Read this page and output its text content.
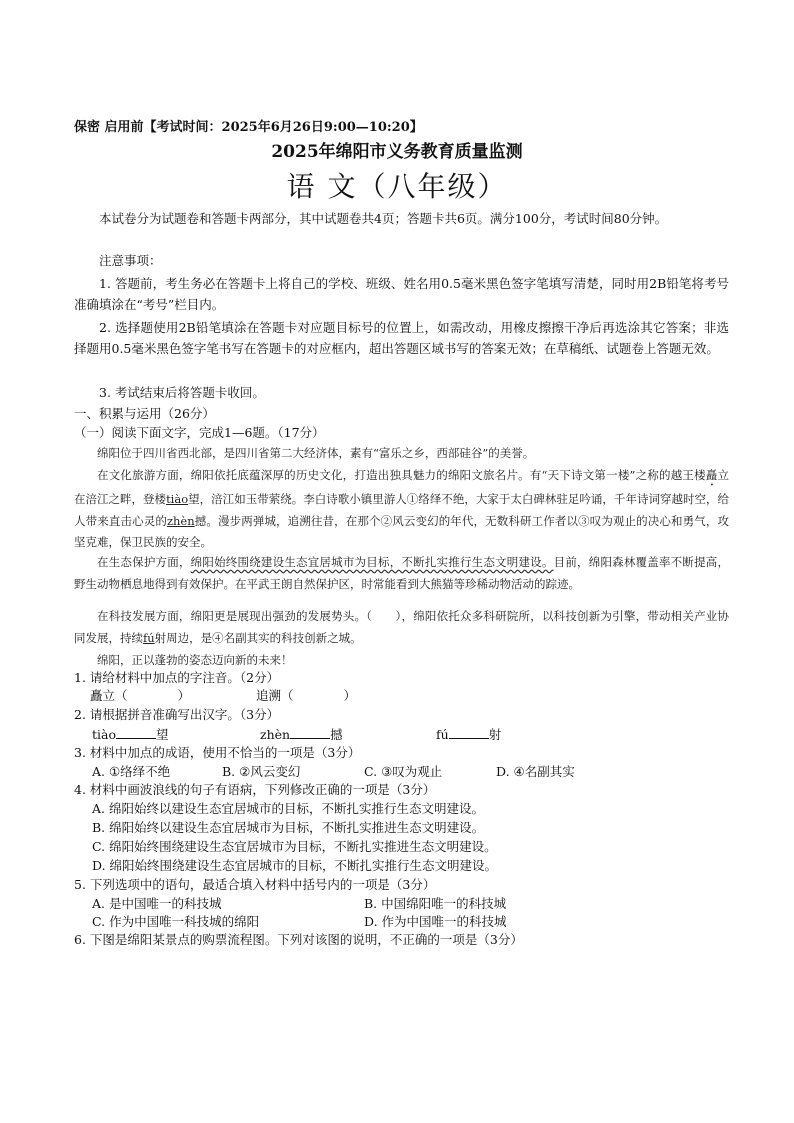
保密 启用前【考试时间：2025年6月26日9:00—10:20】
2025年绵阳市义务教育质量监测
语 文（八年级）
本试卷分为试题卷和答题卡两部分，其中试题卷共4页；答题卡共6页。满分100分，考试时间80分钟。
注意事项：
1. 答题前，考生务必在答题卡上将自己的学校、班级、姓名用0.5毫米黑色签字笔填写清楚，同时用2B铅笔将考号准确填涂在“考号”栏目内。
2. 选择题使用2B铅笔填涂在答题卡对应题目标号的位置上，如需改动，用橡皮擦擦干净后再选涂其它答案；非选择题用0.5毫米黑色签字笔书写在答题卡的对应框内，超出答题区域书写的答案无效；在草稿纸、试题卷上答题无效。
3. 考试结束后将答题卡收回。
一、积累与运用（26分）
（一）阅读下面文字，完成1—6题。（17分）
绵阳位于四川省西北部，是四川省第二大经济体，素有“富乐之乡，西部硅谷”的美誉。
在文化旅游方面，绵阳依托底蕴深厚的历史文化，打造出独具魅力的绵阳文旅名片。有“天下诗文第一楼”之称的越王楼矗立在涪江之畔，登楼tiào望，涪江如玉带萦绕。李白诗歌小镇里游人①络绎不绝，大家于太白碑林驻足吟诵，千年诗词穿越时空，给人带来直击心灵的zhèn撼。漫步两弹城，追溯往昔，在那个②风云变幻的年代，无数科研工作者以③叹为观止的决心和勇气，攻坚克难，保卫民族的安全。
在生态保护方面，绵阳始终围绕建设生态宜居城市为目标，不断扎实推行生态文明建设。目前，绵阳森林覆盖率不断提高，野生动物栖息地得到有效保护。在平武王朗自然保护区，时常能看到大熊猫等珍稀动物活动的踪迹。
在科技发展方面，绵阳更是展现出强劲的发展势头。（　　），绵阳依托众多科研院所，以科技创新为引擎，带动相关产业协同发展，持续fú射周边，是④名副其实的科技创新之城。
绵阳，正以蓬勃的姿态迈向新的未来！
1. 请给材料中加点的字注音。（2分）
矗立（　　　　）	追溯（　　　　）
2. 请根据拼音准确写出汉字。（3分）
tiào	望	zhèn	撼	fú	射
3. 材料中加点的成语，使用不恰当的一项是（3分）
A. ①络绎不绝	B. ②风云变幻	C. ③叹为观止	D. ④名副其实
4. 材料中画波浪线的句子有语病，下列修改正确的一项是（3分）
A. 绵阳始终以建设生态宜居城市的目标，不断扎实推行生态文明建设。
B. 绵阳始终以建设生态宜居城市为目标，不断扎实推进生态文明建设。
C. 绵阳始终围绕建设生态宜居城市为目标，不断扎实推进生态文明建设。
D. 绵阳始终围绕建设生态宜居城市的目标，不断扎实推行生态文明建设。
5. 下列选项中的语句，最适合填入材料中括号内的一项是（3分）
A. 是中国唯一的科技城	B. 中国绵阳唯一的科技城
C. 作为中国唯一科技城的绵阳	D. 作为中国唯一的科技城
6. 下图是绵阳某景点的购票流程图。下列对该图的说明，不正确的一项是（3分）
